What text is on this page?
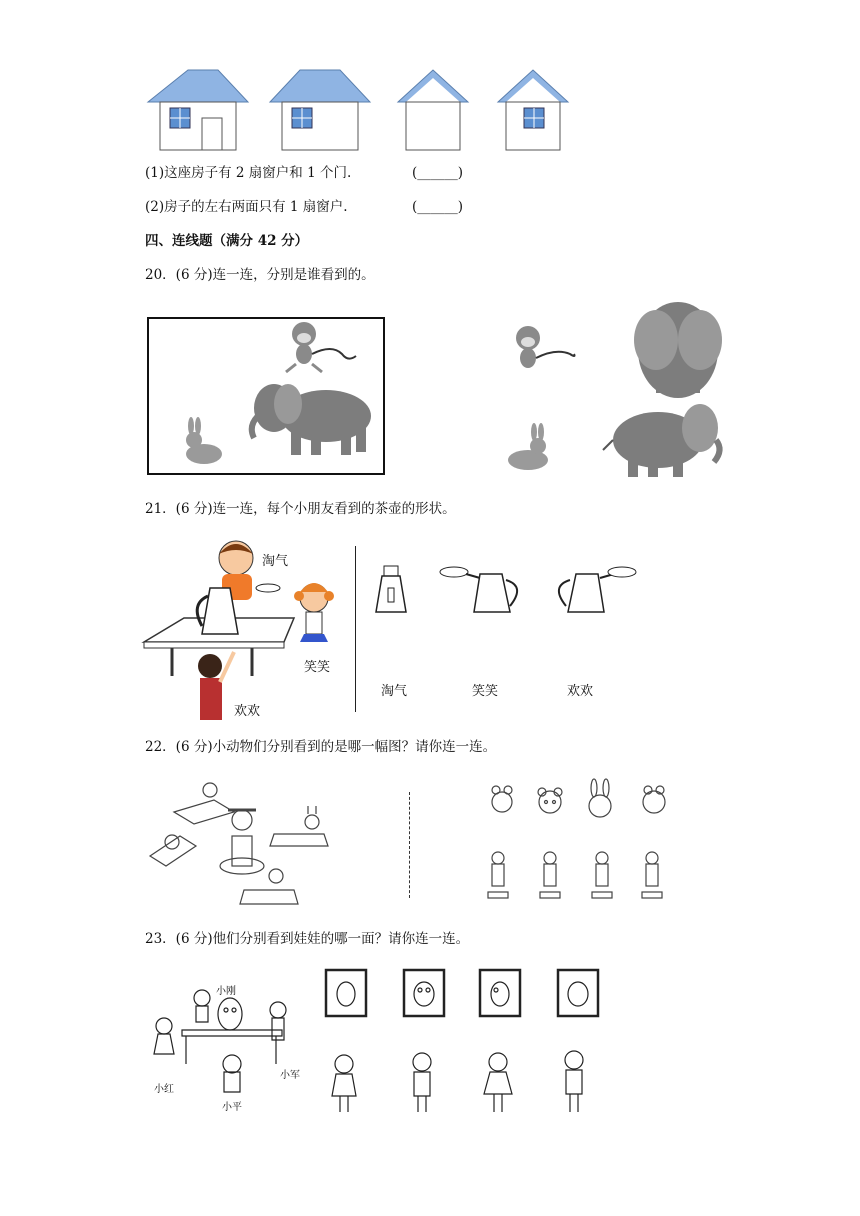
(1)这座房子有 2 扇窗户和 1 个门.	(______)
(2)房子的左右两面只有 1 扇窗户.	(______)
四、连线题（满分 42 分）
20．(6 分)连一连，分别是谁看到的。
21．(6 分)连一连，每个小朋友看到的茶壶的形状。
淘气
笑笑
欢欢
淘气	笑笑	欢欢
22．(6 分)小动物们分别看到的是哪一幅图？请你连一连。
23．(6 分)他们分别看到娃娃的哪一面？请你连一连。
小刚
小红
小平
小军
